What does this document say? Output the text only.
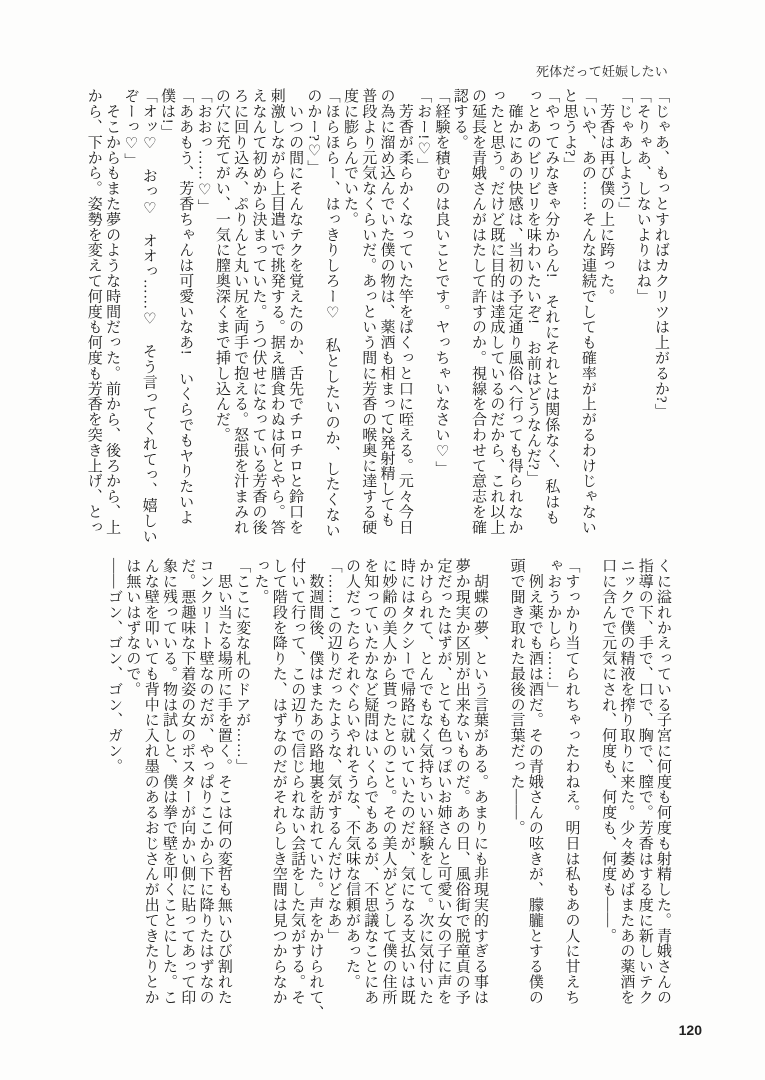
死体だって妊娠したい

「じゃあ、もっとすればカクリツは上がるか?」

「そりゃあ、しないよりはね」

「じゃあしよう!」

　芳香は再び僕の上に跨った。

「いや、あの……そんな連続でしても確率が上がるわけじゃない

と思うよ?」

「やってみなきゃ分からん!　それにそれとは関係なく、私はも

っとあのビリビリを味わいたいぞ!　お前はどうなんだ?」

　確かにあの快感は、当初の予定通り風俗へ行っても得られなか

ったと思う。だけど既に目的は達成しているのだから、これ以上

の延長を青娥さんがはたして許すのか。視線を合わせて意志を確

認する。

「経験を積むのは良いことです。ヤっちゃいなさい♡」

「おー!♡」

　芳香が柔らかくなっていた竿をぱくっと口に咥える。元々今日

の為に溜め込んでいた僕の物は、薬酒も相まって2発射精しても

普段より元気なくらいだ。あっという間に芳香の喉奥に達する硬

度に膨らんでいた。

「ほらほらー、はっきりしろー♡　私としたいのか、したくない

のかー?♡」

　いつの間にそんなテクを覚えたのか、舌先でチロチロと鈴口を

刺激しながら上目遣いで挑発する。据え膳食わぬは何とやら。答

えなんて初めから決まっていた。うつ伏せになっている芳香の後

ろに回り込み、ぷりんと丸い尻を両手で抱える。怒張を汁まみれ

の穴に充てがい、一気に膣奥深くまで挿し込んだ。

「おおっ……♡」

「ああもう、芳香ちゃんは可愛いなあ!　いくらでもヤりたいよ

僕は!」

「オッ♡　おっ♡　オオっ……♡　そう言ってくれてっ、嬉しい

ぞーっ♡」

　そこからもまた夢のような時間だった。前から、後ろから、上

から、下から。姿勢を変えて何度も何度も芳香を突き上げ、とっ

くに溢れかえっている子宮に何度も何度も射精した。青娥さんの

指導の下、手で、口で、胸で、膣で。芳香はする度に新しいテク

ニックで僕の精液を搾り取りに来た。少々萎めばまたあの薬酒を

口に含んで元気にされ、何度も、何度も、何度も——。

「すっかり当てられちゃったわねえ。明日は私もあの人に甘えち

ゃおうかしら……」

　例え薬でも酒は酒だ。その青娥さんの呟きが、朦朧とする僕の

頭で聞き取れた最後の言葉だった——。

　胡蝶の夢、という言葉がある。あまりにも非現実的すぎる事は

夢か現実か区別が出来ないものだ。あの日、風俗街で脱童貞の予

定だったはずが、とても色っぽいお姉さんと可愛い女の子に声を

かけられて、とんでもなく気持ちいい経験をして。次に気付いた

時にはタクシーで帰路に就いていたのだが、気になる支払いは既

に妙齢の美人から貰ったとのこと。その美人がどうして僕の住所

を知っていたかなど疑問はいくらでもあるが、不思議なことにあ

の人だったらそれぐらいやれそうな、不気味な信頼があった。

「……この辺りだったような、気がするんだけどなあ」

　数週間後、僕はまたあの路地裏を訪れていた。声をかけられて、

付いて行って、この辺りで信じられない会話をした気がする。そ

して階段を降りた、はずなのだがそれらしき空間は見つからなか

った。

「ここに変な札のドアが……」

　思い当たる場所に手を置く。そこは何の変哲も無いひび割れた

コンクリート壁なのだが、やっぱりここから下に降りたはずなの

だ。悪趣味な下着姿の女のポスターが向かい側に貼ってあって印

象に残っている。物は試しと、僕は拳で壁を叩くことにした。こ

んな壁を叩いても背中に入れ墨のあるおじさんが出てきたりとか

は無いはずなので。

——ゴン、ゴン、ゴン、ガン。

120
